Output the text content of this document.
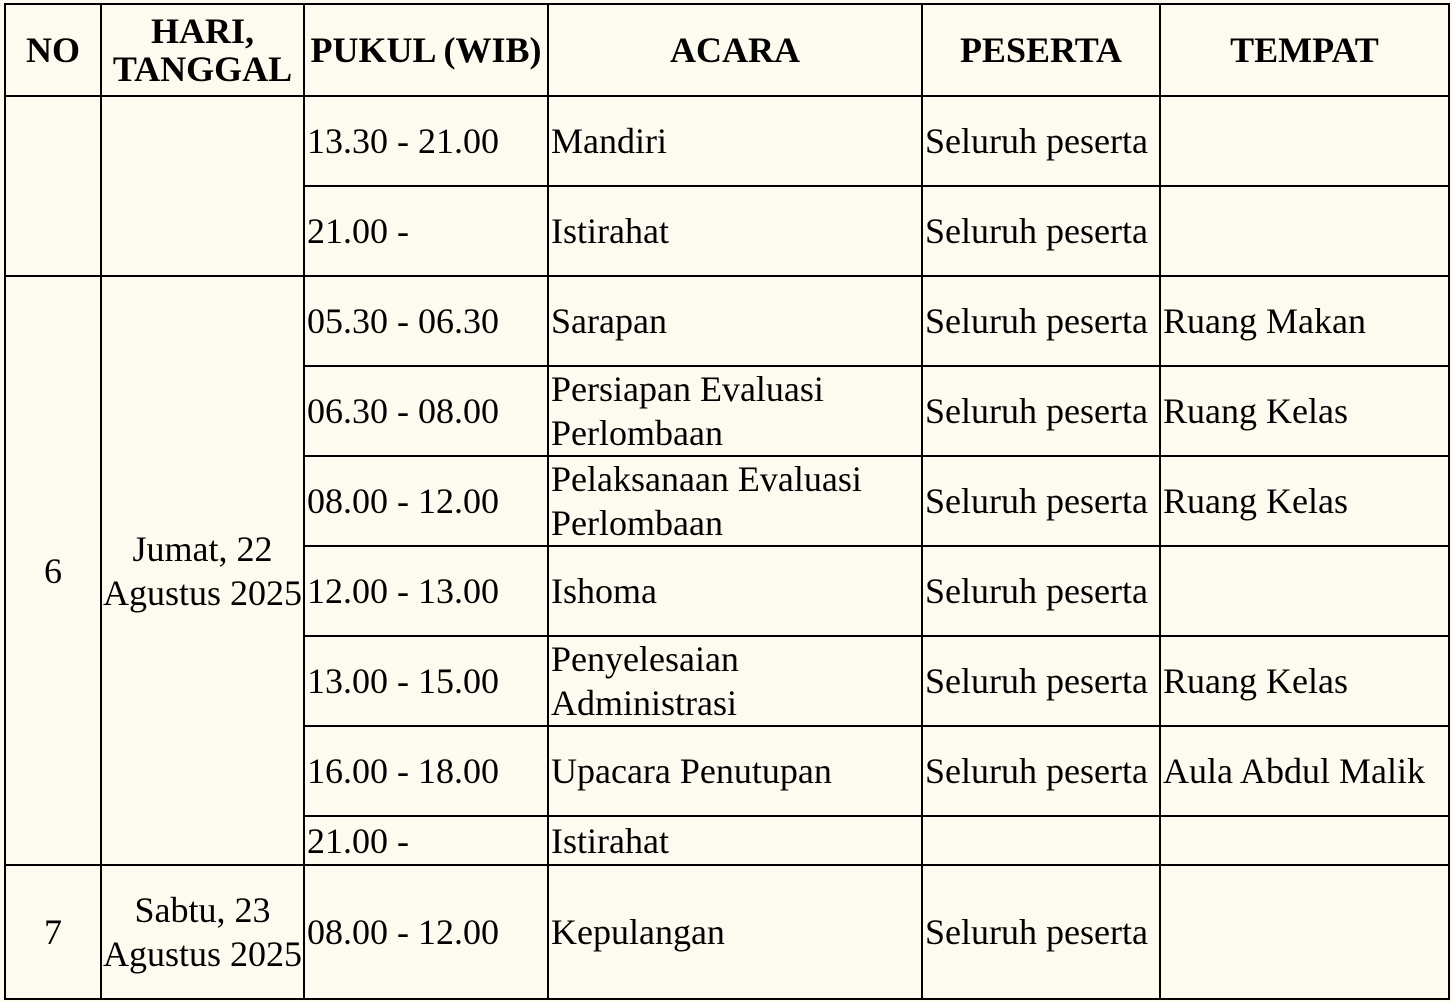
NO	HARI, TANGGAL	PUKUL (WIB)	ACARA	PESERTA	TEMPAT
		13.30 - 21.00	Mandiri	Seluruh peserta	
		21.00 -	Istirahat	Seluruh peserta	
6	Jumat, 22 Agustus 2025	05.30 - 06.30	Sarapan	Seluruh peserta	Ruang Makan
		06.30 - 08.00	Persiapan Evaluasi Perlombaan	Seluruh peserta	Ruang Kelas
		08.00 - 12.00	Pelaksanaan Evaluasi Perlombaan	Seluruh peserta	Ruang Kelas
		12.00 - 13.00	Ishoma	Seluruh peserta	
		13.00 - 15.00	Penyelesaian Administrasi	Seluruh peserta	Ruang Kelas
		16.00 - 18.00	Upacara Penutupan	Seluruh peserta	Aula Abdul Malik
		21.00 -	Istirahat		
7	Sabtu, 23 Agustus 2025	08.00 - 12.00	Kepulangan	Seluruh peserta	
